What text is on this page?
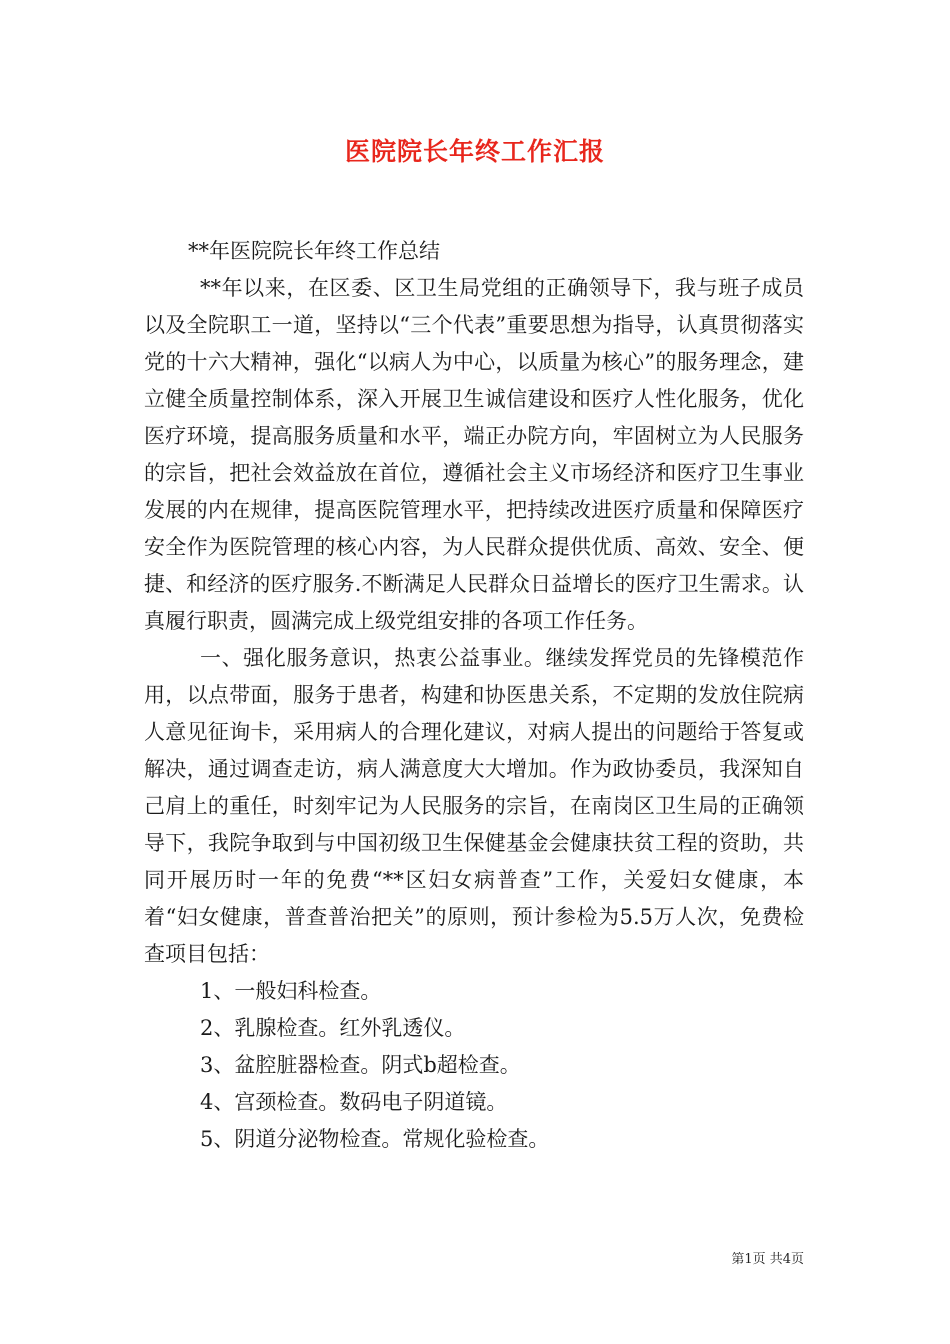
医院院长年终工作汇报

**年医院院长年终工作总结

**年以来，在区委、区卫生局党组的正确领导下，我与班子成员以及全院职工一道，坚持以“三个代表”重要思想为指导，认真贯彻落实党的十六大精神，强化“以病人为中心，以质量为核心”的服务理念，建立健全质量控制体系，深入开展卫生诚信建设和医疗人性化服务，优化医疗环境，提高服务质量和水平，端正办院方向，牢固树立为人民服务的宗旨，把社会效益放在首位，遵循社会主义市场经济和医疗卫生事业发展的内在规律，提高医院管理水平，把持续改进医疗质量和保障医疗安全作为医院管理的核心内容，为人民群众提供优质、高效、安全、便捷、和经济的医疗服务.不断满足人民群众日益增长的医疗卫生需求。认真履行职责，圆满完成上级党组安排的各项工作任务。

一、强化服务意识，热衷公益事业。继续发挥党员的先锋模范作用，以点带面，服务于患者，构建和协医患关系，不定期的发放住院病人意见征询卡，采用病人的合理化建议，对病人提出的问题给于答复或解决，通过调查走访，病人满意度大大增加。作为政协委员，我深知自己肩上的重任，时刻牢记为人民服务的宗旨，在南岗区卫生局的正确领导下，我院争取到与中国初级卫生保健基金会健康扶贫工程的资助，共同开展历时一年的免费“**区妇女病普查”工作，关爱妇女健康，本着“妇女健康，普查普治把关”的原则，预计参检为5.5万人次，免费检查项目包括：

1、一般妇科检查。

2、乳腺检查。红外乳透仪。

3、盆腔脏器检查。阴式b超检查。

4、宫颈检查。数码电子阴道镜。

5、阴道分泌物检查。常规化验检查。

第1页 共4页
